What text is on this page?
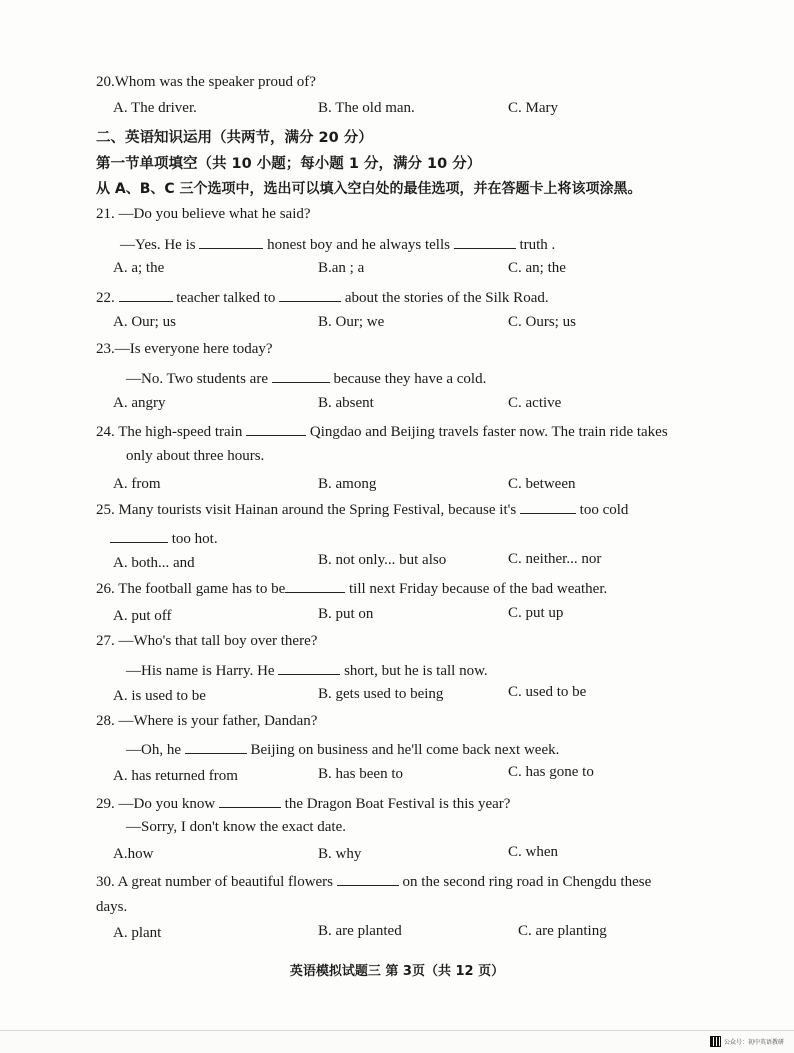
20.Whom was the speaker proud of?
A. The driver.	B. The old man.	C. Mary
二、英语知识运用（共两节，满分 20 分）
第一节单项填空（共 10 小题；每小题 1 分，满分 10 分）
从 A、B、C 三个选项中，选出可以填入空白处的最佳选项，并在答题卡上将该项涂黑。
21. —Do you believe what he said?
—Yes. He is	honest boy and he always tells	truth .
A. a; the	B.an ; a	C. an; the
22.	teacher talked to	about the stories of the Silk Road.
A. Our; us	B. Our; we	C. Ours; us
23.—Is everyone here today?
—No. Two students are	because they have a cold.
A. angry	B. absent	C. active
24. The high-speed train	Qingdao and Beijing travels faster now. The train ride takes
only about three hours.
A. from	B. among	C. between
25. Many tourists visit Hainan around the Spring Festival, because it's	too cold
too hot.
A. both... and	B. not only... but also	C. neither... nor
26. The football game has to be	till next Friday because of the bad weather.
A. put off	B. put on	C. put up
27. —Who's that tall boy over there?
—His name is Harry. He	short, but he is tall now.
A. is used to be	B. gets used to being	C. used to be
28. —Where is your father, Dandan?
—Oh, he	Beijing on business and he'll come back next week.
A. has returned from	B. has been to	C. has gone to
29. —Do you know	the Dragon Boat Festival is this year?
—Sorry, I don't know the exact date.
A.how	B. why	C. when
30. A great number of beautiful flowers	on the second ring road in Chengdu these
days.
A. plant	B. are planted	C. are planting
英语模拟试题三 第 3页（共 12 页）
公众号：初中英语教研
